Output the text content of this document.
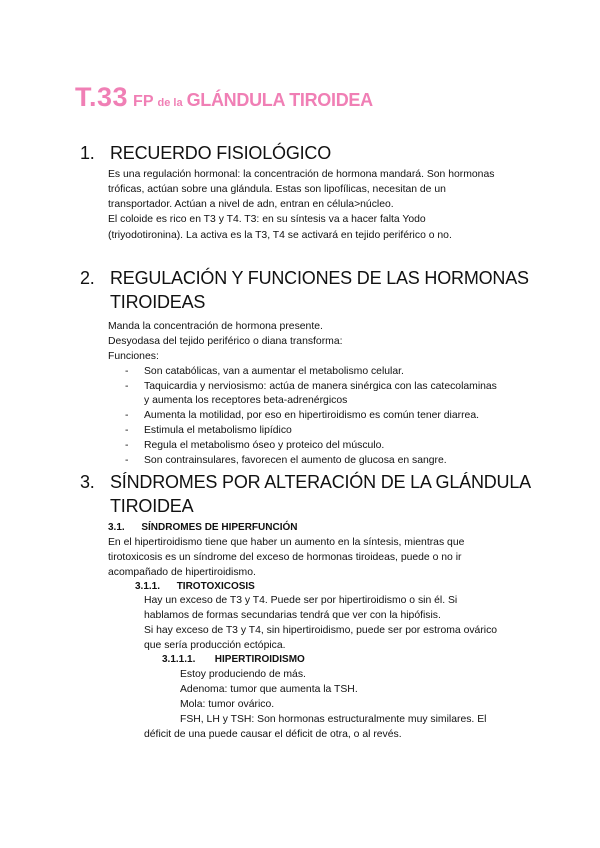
T.33 FP de la GLÁNDULA TIROIDEA
1. RECUERDO FISIOLÓGICO
Es una regulación hormonal: la concentración de hormona mandará. Son hormonas
tróficas, actúan sobre una glándula. Estas son lipofílicas, necesitan de un
transportador. Actúan a nivel de adn, entran en célula>núcleo.
El coloide es rico en T3 y T4. T3: en su síntesis va a hacer falta Yodo
(triyodotironina). La activa es la T3, T4 se activará en tejido periférico o no.
2. REGULACIÓN Y FUNCIONES DE LAS HORMONAS
TIROIDEAS
Manda la concentración de hormona presente.
Desyodasa del tejido periférico o diana transforma:
Funciones:
- Son catabólicas, van a aumentar el metabolismo celular.
- Taquicardia y nerviosismo: actúa de manera sinérgica con las catecolaminas
y aumenta los receptores beta-adrenérgicos
- Aumenta la motilidad, por eso en hipertiroidismo es común tener diarrea.
- Estimula el metabolismo lipídico
- Regula el metabolismo óseo y proteico del músculo.
- Son contrainsulares, favorecen el aumento de glucosa en sangre.
3. SÍNDROMES POR ALTERACIÓN DE LA GLÁNDULA
TIROIDEA
3.1.      SÍNDROMES DE HIPERFUNCIÓN
En el hipertiroidismo tiene que haber un aumento en la síntesis, mientras que
tirotoxicosis es un síndrome del exceso de hormonas tiroideas, puede o no ir
acompañado de hipertiroidismo.
3.1.1.      TIROTOXICOSIS
Hay un exceso de T3 y T4. Puede ser por hipertiroidismo o sin él. Si
hablamos de formas secundarias tendrá que ver con la hipófisis.
Si hay exceso de T3 y T4, sin hipertiroidismo, puede ser por estroma ovárico
que sería producción ectópica.
3.1.1.1.       HIPERTIROIDISMO
Estoy produciendo de más.
Adenoma: tumor que aumenta la TSH.
Mola: tumor ovárico.
FSH, LH y TSH: Son hormonas estructuralmente muy similares. El
déficit de una puede causar el déficit de otra, o al revés.
